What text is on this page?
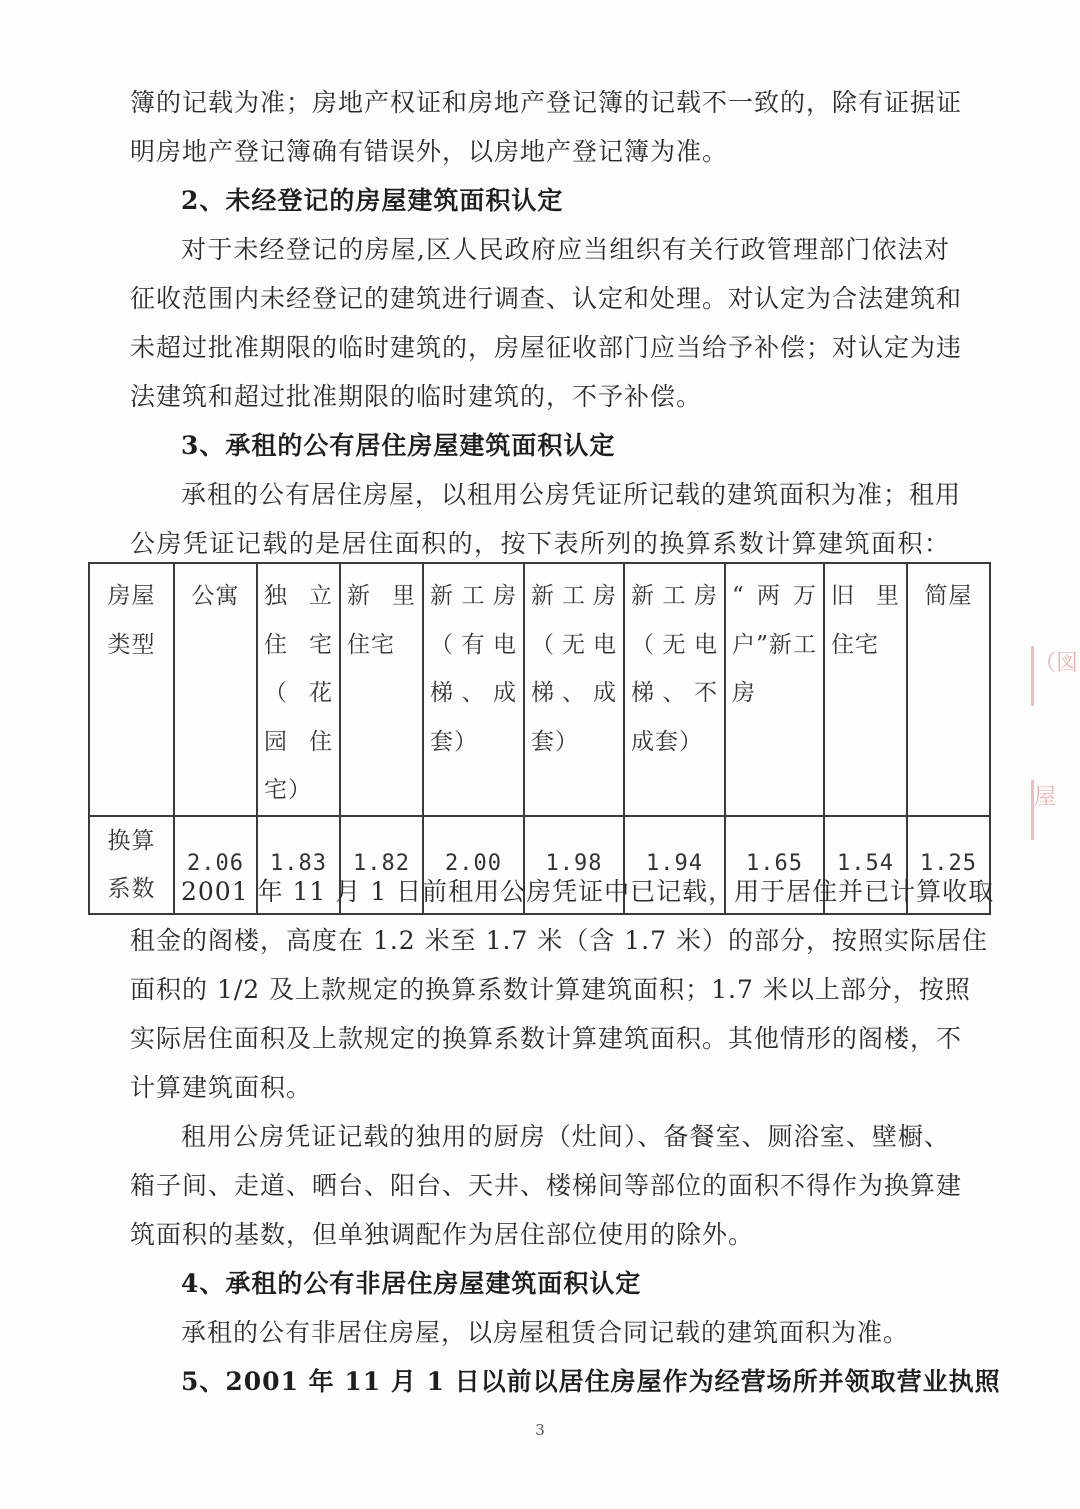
簿的记载为准；房地产权证和房地产登记簿的记载不一致的，除有证据证
明房地产登记簿确有错误外，以房地产登记簿为准。
2、未经登记的房屋建筑面积认定
对于未经登记的房屋,区人民政府应当组织有关行政管理部门依法对
征收范围内未经登记的建筑进行调查、认定和处理。对认定为合法建筑和
未超过批准期限的临时建筑的，房屋征收部门应当给予补偿；对认定为违
法建筑和超过批准期限的临时建筑的，不予补偿。
3、承租的公有居住房屋建筑面积认定
承租的公有居住房屋，以租用公房凭证所记载的建筑面积为准；租用
公房凭证记载的是居住面积的，按下表所列的换算系数计算建筑面积：
房屋类型	公寓	独立住宅（花园住宅）	新里住宅	新工房（有电梯、成套）	新工房（无电梯、成套）	新工房（无电梯、不成套）	“两万户”新工房	旧里住宅	简屋
换算系数	2.06	1.83	1.82	2.00	1.98	1.94	1.65	1.54	1.25
2001 年 11 月 1 日前租用公房凭证中已记载，用于居住并已计算收取
租金的阁楼，高度在 1.2 米至 1.7 米（含 1.7 米）的部分，按照实际居住
面积的 1/2 及上款规定的换算系数计算建筑面积；1.7 米以上部分，按照
实际居住面积及上款规定的换算系数计算建筑面积。其他情形的阁楼，不
计算建筑面积。
租用公房凭证记载的独用的厨房（灶间）、备餐室、厕浴室、壁橱、
箱子间、走道、晒台、阳台、天井、楼梯间等部位的面积不得作为换算建
筑面积的基数，但单独调配作为居住部位使用的除外。
4、承租的公有非居住房屋建筑面积认定
承租的公有非居住房屋，以房屋租赁合同记载的建筑面积为准。
5、2001 年 11 月 1 日以前以居住房屋作为经营场所并领取营业执照
3
（図
屋
